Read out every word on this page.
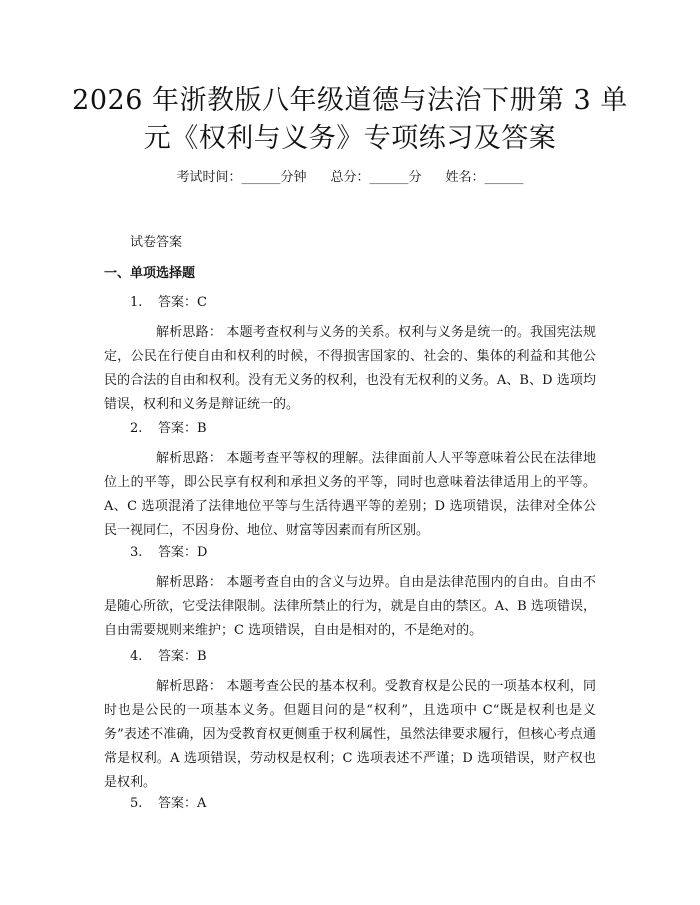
2026 年浙教版八年级道德与法治下册第 3 单
元《权利与义务》专项练习及答案
考试时间：______分钟 总分：______分 姓名：______
试卷答案
一、单项选择题
1. 答案：C

解析思路： 本题考查权利与义务的关系。权利与义务是统一的。我国宪法规定，公民在行使自由和权利的时候，不得损害国家的、社会的、集体的利益和其他公民的合法的自由和权利。没有无义务的权利，也没有无权利的义务。A、B、D 选项均错误，权利和义务是辩证统一的。

2. 答案：B

解析思路： 本题考查平等权的理解。法律面前人人平等意味着公民在法律地位上的平等，即公民享有权利和承担义务的平等，同时也意味着法律适用上的平等。A、C 选项混淆了法律地位平等与生活待遇平等的差别；D 选项错误，法律对全体公民一视同仁，不因身份、地位、财富等因素而有所区别。

3. 答案：D

解析思路： 本题考查自由的含义与边界。自由是法律范围内的自由。自由不是随心所欲，它受法律限制。法律所禁止的行为，就是自由的禁区。A、B 选项错误，自由需要规则来维护；C 选项错误，自由是相对的，不是绝对的。

4. 答案：B

解析思路： 本题考查公民的基本权利。受教育权是公民的一项基本权利，同时也是公民的一项基本义务。但题目问的是“权利”，且选项中 C“既是权利也是义务”表述不准确，因为受教育权更侧重于权利属性，虽然法律要求履行，但核心考点通常是权利。A 选项错误，劳动权是权利；C 选项表述不严谨；D 选项错误，财产权也是权利。

5. 答案：A
